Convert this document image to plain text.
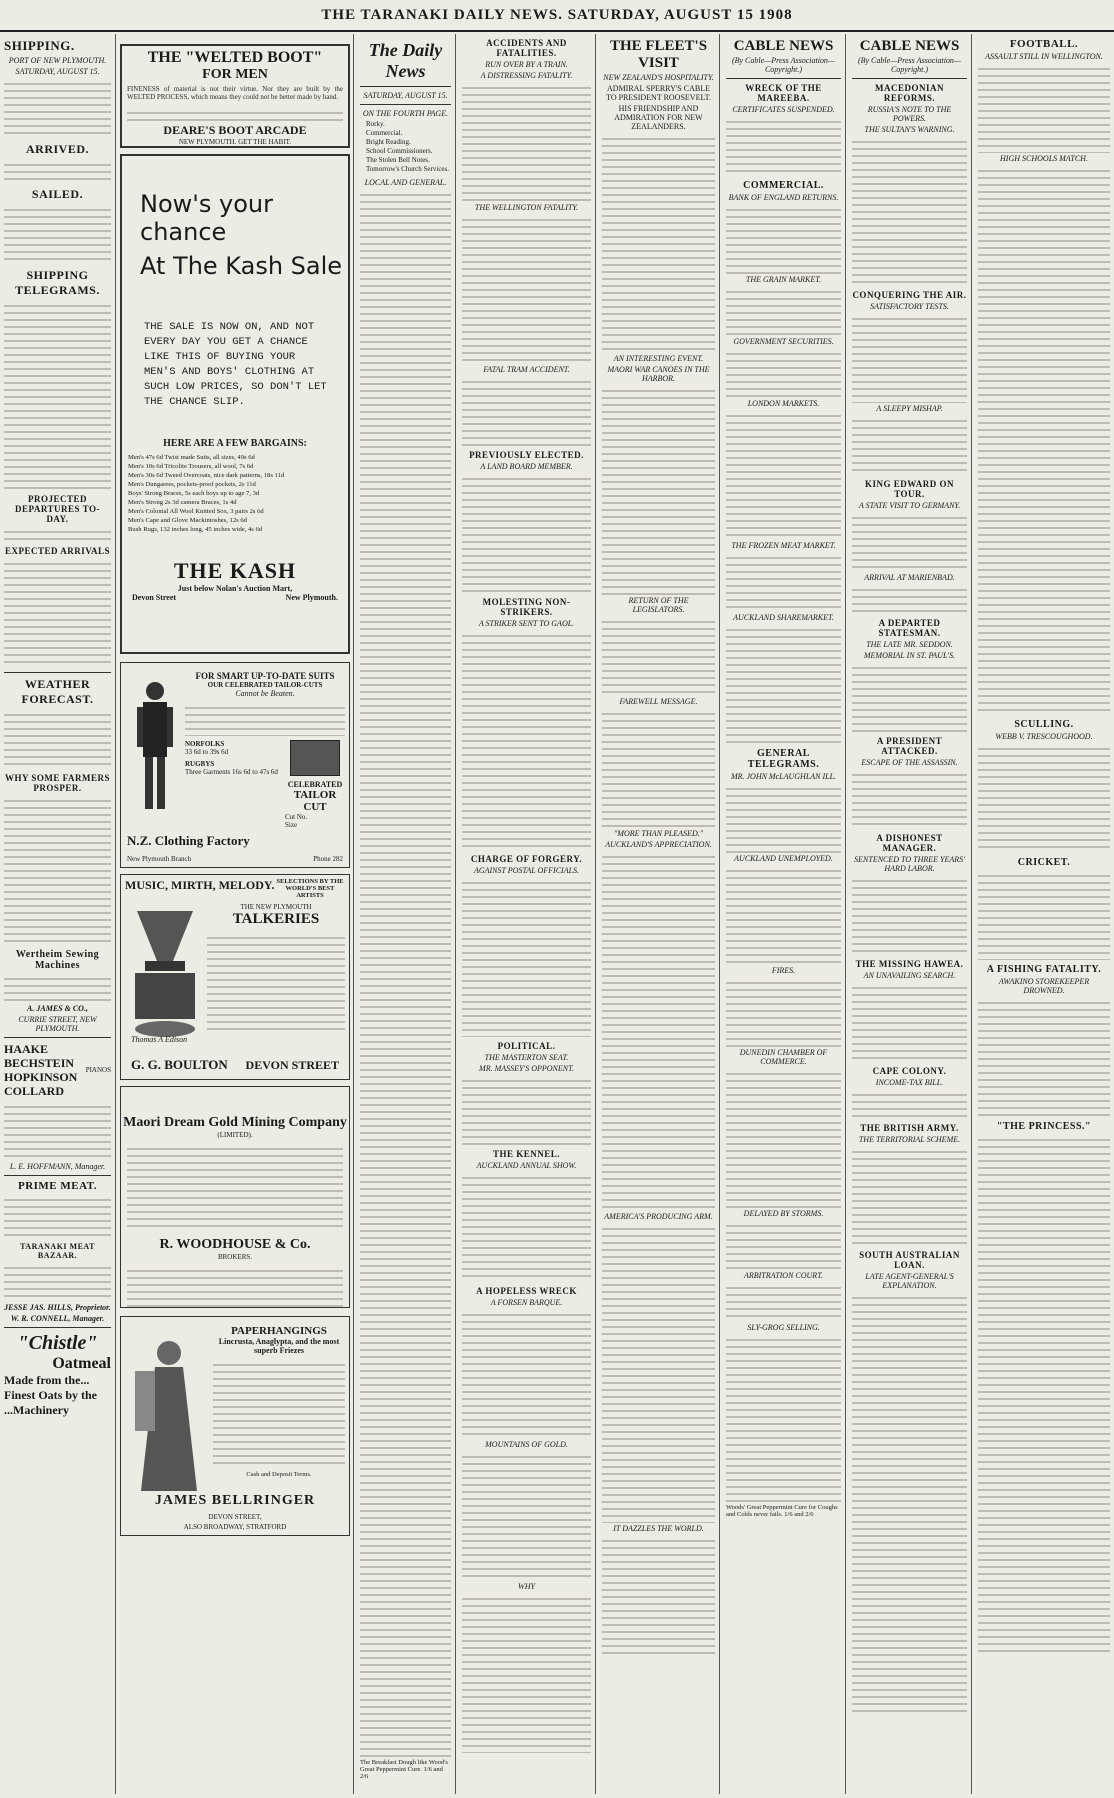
THE TARANAKI DAILY NEWS. SATURDAY, AUGUST 15 1908
SHIPPING.
PORT OF NEW PLYMOUTH.
SATURDAY, AUGUST 15.
ARRIVED.
SAILED.
SHIPPING TELEGRAMS.
PROJECTED DEPARTURES TO-DAY.
EXPECTED ARRIVALS
WEATHER FORECAST.
WHY SOME FARMERS PROSPER.
Wertheim Sewing Machines
A. JAMES & CO.,
CURRIE STREET, NEW PLYMOUTH.
HAAKE
BECHSTEIN
HOPKINSON
COLLARD
PIANOS
L. E. HOFFMANN, Manager.
PRIME MEAT.
TARANAKI MEAT BAZAAR.
JESSE JAS. HILLS, Proprietor.
W. R. CONNELL, Manager.
"Chistle"
Oatmeal
Made from the... Finest Oats by the ...Machinery
THE "WELTED BOOT"
FOR MEN
FINENESS of material is not their virtue. Nor they are built by the WELTED PROCESS, which means they could not be better made by hand.
DEARE'S BOOT ARCADE
NEW PLYMOUTH. GET THE HABIT.
Now's your chance
At The Kash Sale
THE SALE IS NOW ON, AND NOT EVERY DAY YOU GET A CHANCE LIKE THIS OF BUYING YOUR MEN'S AND BOYS' CLOTHING AT SUCH LOW PRICES, SO DON'T LET THE CHANCE SLIP.
HERE ARE A FEW BARGAINS:
Men's 47s 6d Twist made Suits, all sizes, 49s 6d
Men's 10s 6d Tricolite Trousers, all wool, 7s 6d
Men's 30s 6d Tweed Overcoats, nice dark patterns, 18s 11d
Men's Dungarees, pockets-proof pockets, 2s 11d
Boys' Strong Braces, 5s each boys up to age 7, 3d
Men's Strong 2s 3d camera Braces, 1s 4d
Men's Colonial All Wool Knitted Sox, 3 pairs 2s 6d
Men's Cape and Glove Mackintoshes, 12s 6d
Bush Rugs, 132 inches long, 45 inches wide, 4s 6d
THE KASH
Just below Nolan's Auction Mart,
Devon Street	New Plymouth.
FOR SMART UP-TO-DATE SUITS
OUR CELEBRATED TAILOR-CUTS
Cannot be Beaten.
NORFOLKS
33 6d to 39s 6d
RUGBYS
Three Garments 16s 6d to 47s 6d
CELEBRATED
TAILOR CUT
Cut No.
Size
N.Z. Clothing Factory
New Plymouth Branch	Phone 282
MUSIC, MIRTH, MELODY. SELECTIONS BY THE WORLD'S BEST ARTISTS
THE NEW PLYMOUTH
TALKERIES
Thomas A Edison
G. G. BOULTON DEVON STREET
Maori Dream Gold Mining Company
(LIMITED).
R. WOODHOUSE & Co.
BROKERS.
PAPERHANGINGS
Lincrusta, Anaglypta, and the most superb Friezes
Cash and Deposit Terms.
JAMES BELLRINGER
DEVON STREET,
ALSO BROADWAY, STRATFORD
The Daily News
SATURDAY, AUGUST 15.
ON THE FOURTH PAGE.
Rorky.
Commercial.
Bright Reading.
School Commissioners.
The Stolen Bell Notes.
Tomorrow's Church Services.
LOCAL AND GENERAL.
The Breakfast Dough like Wood's Great Peppermint Cure. 1/6 and 2/6
ACCIDENTS AND FATALITIES.
RUN OVER BY A TRAIN.
A DISTRESSING FATALITY.
THE WELLINGTON FATALITY.
FATAL TRAM ACCIDENT.
PREVIOUSLY ELECTED.
A LAND BOARD MEMBER.
MOLESTING NON-STRIKERS.
A STRIKER SENT TO GAOL.
CHARGE OF FORGERY.
AGAINST POSTAL OFFICIALS.
POLITICAL.
THE MASTERTON SEAT.
MR. MASSEY'S OPPONENT.
THE KENNEL.
AUCKLAND ANNUAL SHOW.
A HOPELESS WRECK
A FORSEN BARQUE.
MOUNTAINS OF GOLD.
WHY
THE FLEET'S VISIT
NEW ZEALAND'S HOSPITALITY.
ADMIRAL SPERRY'S CABLE TO PRESIDENT ROOSEVELT.
HIS FRIENDSHIP AND ADMIRATION FOR NEW ZEALANDERS.
AN INTERESTING EVENT.
MAORI WAR CANOES IN THE HARBOR.
RETURN OF THE LEGISLATORS.
FAREWELL MESSAGE.
"MORE THAN PLEASED."
AUCKLAND'S APPRECIATION.
AMERICA'S PRODUCING ARM.
IT DAZZLES THE WORLD.
CABLE NEWS
(By Cable—Press Association—Copyright.)
WRECK OF THE MAREEBA.
CERTIFICATES SUSPENDED.
COMMERCIAL.
BANK OF ENGLAND RETURNS.
THE GRAIN MARKET.
GOVERNMENT SECURITIES.
LONDON MARKETS.
THE FROZEN MEAT MARKET.
AUCKLAND SHAREMARKET.
GENERAL TELEGRAMS.
MR. JOHN McLAUGHLAN ILL.
AUCKLAND UNEMPLOYED.
FIRES.
DUNEDIN CHAMBER OF COMMERCE.
DELAYED BY STORMS.
ARBITRATION COURT.
SLY-GROG SELLING.
Woods' Great Peppermint Cure for Coughs and Colds never fails. 1/6 and 2/6
CABLE NEWS
(By Cable—Press Association—Copyright.)
MACEDONIAN REFORMS.
RUSSIA'S NOTE TO THE POWERS.
THE SULTAN'S WARNING.
CONQUERING THE AIR.
SATISFACTORY TESTS.
A SLEEPY MISHAP.
KING EDWARD ON TOUR.
A STATE VISIT TO GERMANY.
ARRIVAL AT MARIENBAD.
A DEPARTED STATESMAN.
THE LATE MR. SEDDON.
MEMORIAL IN ST. PAUL'S.
A PRESIDENT ATTACKED.
ESCAPE OF THE ASSASSIN.
A DISHONEST MANAGER.
SENTENCED TO THREE YEARS' HARD LABOR.
THE MISSING HAWEA.
AN UNAVAILING SEARCH.
CAPE COLONY.
INCOME-TAX BILL.
THE BRITISH ARMY.
THE TERRITORIAL SCHEME.
SOUTH AUSTRALIAN LOAN.
LATE AGENT-GENERAL'S EXPLANATION.
FOOTBALL.
ASSAULT STILL IN WELLINGTON.
HIGH SCHOOLS MATCH.
SCULLING.
WEBB V. TRESCOUGHOOD.
CRICKET.
A FISHING FATALITY.
AWAKINO STOREKEEPER DROWNED.
"THE PRINCESS."
